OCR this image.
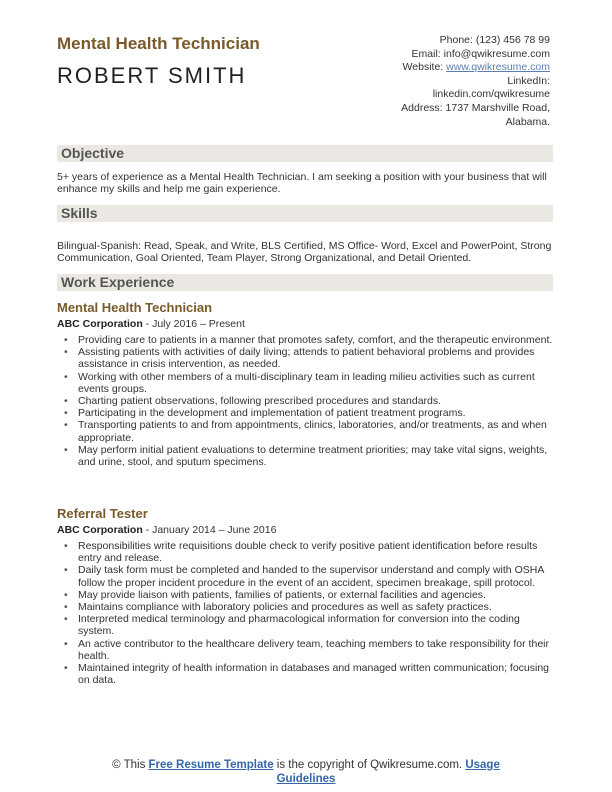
Mental Health Technician
ROBERT SMITH
Phone: (123) 456 78 99
Email: info@qwikresume.com
Website: www.qwikresume.com
LinkedIn:
linkedin.com/qwikresume
Address: 1737 Marshville Road,
Alabama.
Objective
5+ years of experience as a Mental Health Technician. I am seeking a position with your business that will enhance my skills and help me gain experience.
Skills
Bilingual-Spanish: Read, Speak, and Write, BLS Certified, MS Office- Word, Excel and PowerPoint, Strong Communication, Goal Oriented, Team Player, Strong Organizational, and Detail Oriented.
Work Experience
Mental Health Technician
ABC Corporation - July 2016 – Present
• Providing care to patients in a manner that promotes safety, comfort, and the therapeutic environment.
• Assisting patients with activities of daily living; attends to patient behavioral problems and provides assistance in crisis intervention, as needed.
• Working with other members of a multi-disciplinary team in leading milieu activities such as current events groups.
• Charting patient observations, following prescribed procedures and standards.
• Participating in the development and implementation of patient treatment programs.
• Transporting patients to and from appointments, clinics, laboratories, and/or treatments, as and when appropriate.
• May perform initial patient evaluations to determine treatment priorities; may take vital signs, weights, and urine, stool, and sputum specimens.
Referral Tester
ABC Corporation - January 2014 – June 2016
• Responsibilities write requisitions double check to verify positive patient identification before results entry and release.
• Daily task form must be completed and handed to the supervisor understand and comply with OSHA follow the proper incident procedure in the event of an accident, specimen breakage, spill protocol.
• May provide liaison with patients, families of patients, or external facilities and agencies.
• Maintains compliance with laboratory policies and procedures as well as safety practices.
• Interpreted medical terminology and pharmacological information for conversion into the coding system.
• An active contributor to the healthcare delivery team, teaching members to take responsibility for their health.
• Maintained integrity of health information in databases and managed written communication; focusing on data.
© This Free Resume Template is the copyright of Qwikresume.com. Usage
Guidelines
